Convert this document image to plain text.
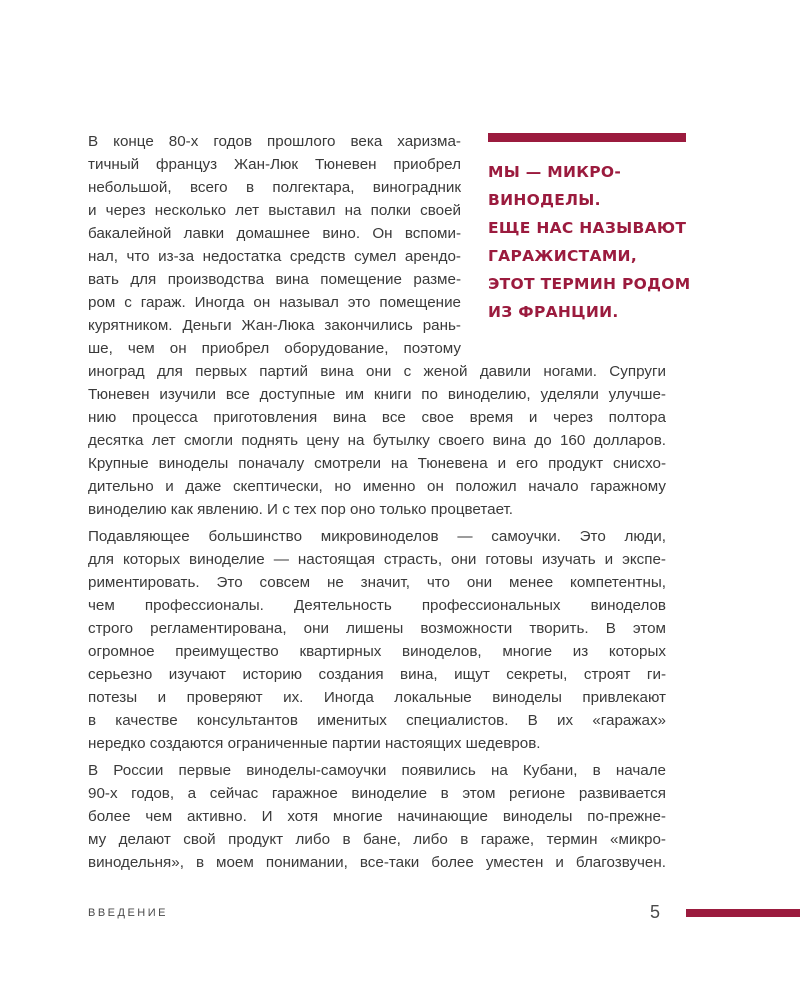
В конце 80-х годов прошлого века харизма-
тичный француз Жан-Люк Тюневен приобрел
небольшой, всего в полгектара, виноградник
и через несколько лет выставил на полки своей
бакалейной лавки домашнее вино. Он вспоми-
нал, что из-за недостатка средств сумел арендо-
вать для производства вина помещение разме-
ром с гараж. Иногда он называл это помещение
курятником. Деньги Жан-Люка закончились рань-
ше, чем он приобрел оборудование, поэтому
иноград для первых партий вина они с женой давили ногами. Супруги
Тюневен изучили все доступные им книги по виноделию, уделяли улучше-
нию процесса приготовления вина все свое время и через полтора
десятка лет смогли поднять цену на бутылку своего вина до 160 долларов.
Крупные виноделы поначалу смотрели на Тюневена и его продукт снисхо-
дительно и даже скептически, но именно он положил начало гаражному
виноделию как явлению. И с тех пор оно только процветает.
МЫ — МИКРО-
ВИНОДЕЛЫ.
ЕЩЕ НАС НАЗЫВАЮТ
ГАРАЖИСТАМИ,
ЭТОТ ТЕРМИН РОДОМ
ИЗ ФРАНЦИИ.
Подавляющее большинство микровиноделов — самоучки. Это люди,
для которых виноделие — настоящая страсть, они готовы изучать и экспе-
риментировать. Это совсем не значит, что они менее компетентны,
чем профессионалы. Деятельность профессиональных виноделов
строго регламентирована, они лишены возможности творить. В этом
огромное преимущество квартирных виноделов, многие из которых
серьезно изучают историю создания вина, ищут секреты, строят ги-
потезы и проверяют их. Иногда локальные виноделы привлекают
в качестве консультантов именитых специалистов. В их «гаражах»
нередко создаются ограниченные партии настоящих шедевров.
В России первые виноделы-самоучки появились на Кубани, в начале
90-х годов, а сейчас гаражное виноделие в этом регионе развивается
более чем активно. И хотя многие начинающие виноделы по-прежне-
му делают свой продукт либо в бане, либо в гараже, термин «микро-
винодельня», в моем понимании, все-таки более уместен и благозвучен.
ВВЕДЕНИЕ	5
